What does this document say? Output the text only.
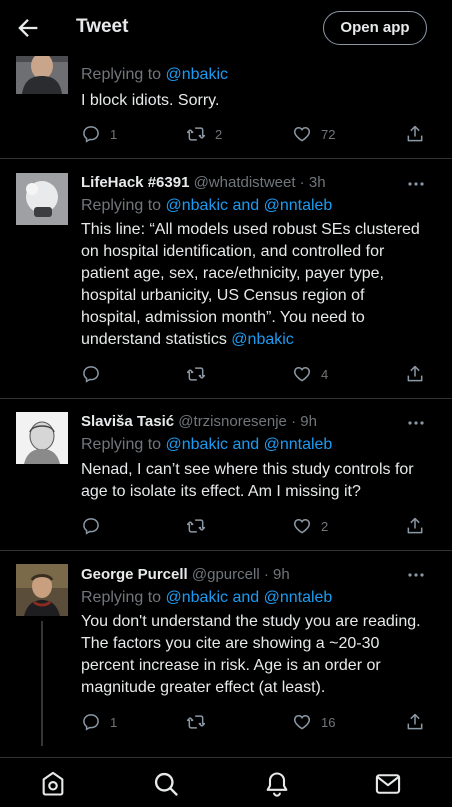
Tweet	Open app
Replying to @nbakic
I block idiots. Sorry.
1	2	72
LifeHack #6391 @whatdistweet · 3h
Replying to @nbakic and @nntaleb
This line: “All models used robust SEs clustered on hospital identification, and controlled for patient age, sex, race/ethnicity, payer type, hospital urbanicity, US Census region of hospital, admission month”. You need to understand statistics @nbakic
4
Slaviša Tasić @trzisnoresenje · 9h
Replying to @nbakic and @nntaleb
Nenad, I can’t see where this study controls for age to isolate its effect. Am I missing it?
2
George Purcell @gpurcell · 9h
Replying to @nbakic and @nntaleb
You don't understand the study you are reading. The factors you cite are showing a ~20-30 percent increase in risk. Age is an order or magnitude greater effect (at least).
1	16
